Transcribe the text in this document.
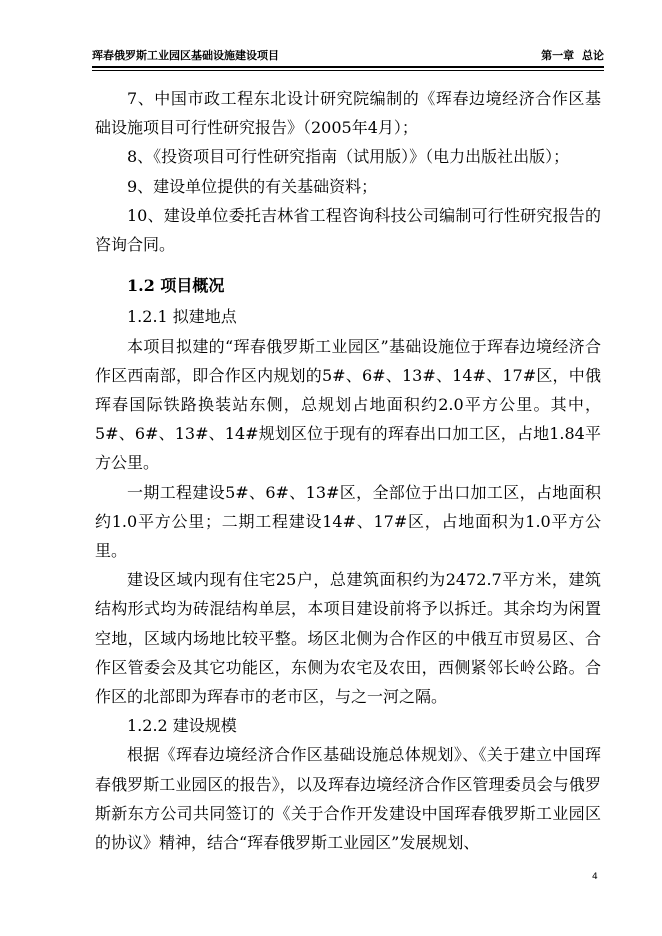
珲春俄罗斯工业园区基础设施建设项目	第一章 总论

7、中国市政工程东北设计研究院编制的《珲春边境经济合作区基础设施项目可行性研究报告》（2005年4月）；

8、《投资项目可行性研究指南（试用版）》（电力出版社出版）；

9、建设单位提供的有关基础资料；

10、建设单位委托吉林省工程咨询科技公司编制可行性研究报告的咨询合同。

1.2 项目概况

1.2.1 拟建地点

本项目拟建的“珲春俄罗斯工业园区”基础设施位于珲春边境经济合作区西南部，即合作区内规划的5#、6#、13#、14#、17#区，中俄珲春国际铁路换装站东侧，总规划占地面积约2.0平方公里。其中，5#、6#、13#、14#规划区位于现有的珲春出口加工区，占地1.84平方公里。

一期工程建设5#、6#、13#区，全部位于出口加工区，占地面积约1.0平方公里；二期工程建设14#、17#区，占地面积为1.0平方公里。

建设区域内现有住宅25户，总建筑面积约为2472.7平方米，建筑结构形式均为砖混结构单层，本项目建设前将予以拆迁。其余均为闲置空地，区域内场地比较平整。场区北侧为合作区的中俄互市贸易区、合作区管委会及其它功能区，东侧为农宅及农田，西侧紧邻长岭公路。合作区的北部即为珲春市的老市区，与之一河之隔。

1.2.2 建设规模

根据《珲春边境经济合作区基础设施总体规划》、《关于建立中国珲春俄罗斯工业园区的报告》，以及珲春边境经济合作区管理委员会与俄罗斯新东方公司共同签订的《关于合作开发建设中国珲春俄罗斯工业园区的协议》精神，结合“珲春俄罗斯工业园区”发展规划、

4
